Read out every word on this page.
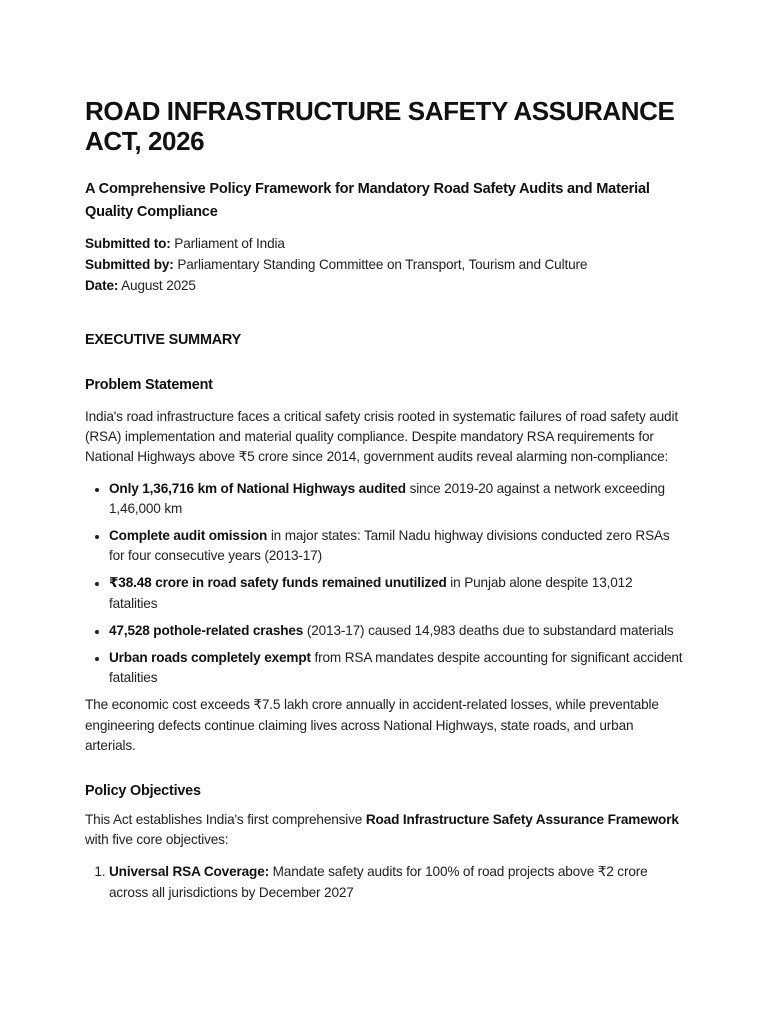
ROAD INFRASTRUCTURE SAFETY ASSURANCE ACT, 2026
A Comprehensive Policy Framework for Mandatory Road Safety Audits and Material Quality Compliance
Submitted to: Parliament of India
Submitted by: Parliamentary Standing Committee on Transport, Tourism and Culture
Date: August 2025
EXECUTIVE SUMMARY
Problem Statement

India's road infrastructure faces a critical safety crisis rooted in systematic failures of road safety audit (RSA) implementation and material quality compliance. Despite mandatory RSA requirements for National Highways above ₹5 crore since 2014, government audits reveal alarming non-compliance:

• Only 1,36,716 km of National Highways audited since 2019-20 against a network exceeding 1,46,000 km
• Complete audit omission in major states: Tamil Nadu highway divisions conducted zero RSAs for four consecutive years (2013-17)
• ₹38.48 crore in road safety funds remained unutilized in Punjab alone despite 13,012 fatalities
• 47,528 pothole-related crashes (2013-17) caused 14,983 deaths due to substandard materials
• Urban roads completely exempt from RSA mandates despite accounting for significant accident fatalities

The economic cost exceeds ₹7.5 lakh crore annually in accident-related losses, while preventable engineering defects continue claiming lives across National Highways, state roads, and urban arterials.

Policy Objectives

This Act establishes India's first comprehensive Road Infrastructure Safety Assurance Framework with five core objectives:

1. Universal RSA Coverage: Mandate safety audits for 100% of road projects above ₹2 crore across all jurisdictions by December 2027
